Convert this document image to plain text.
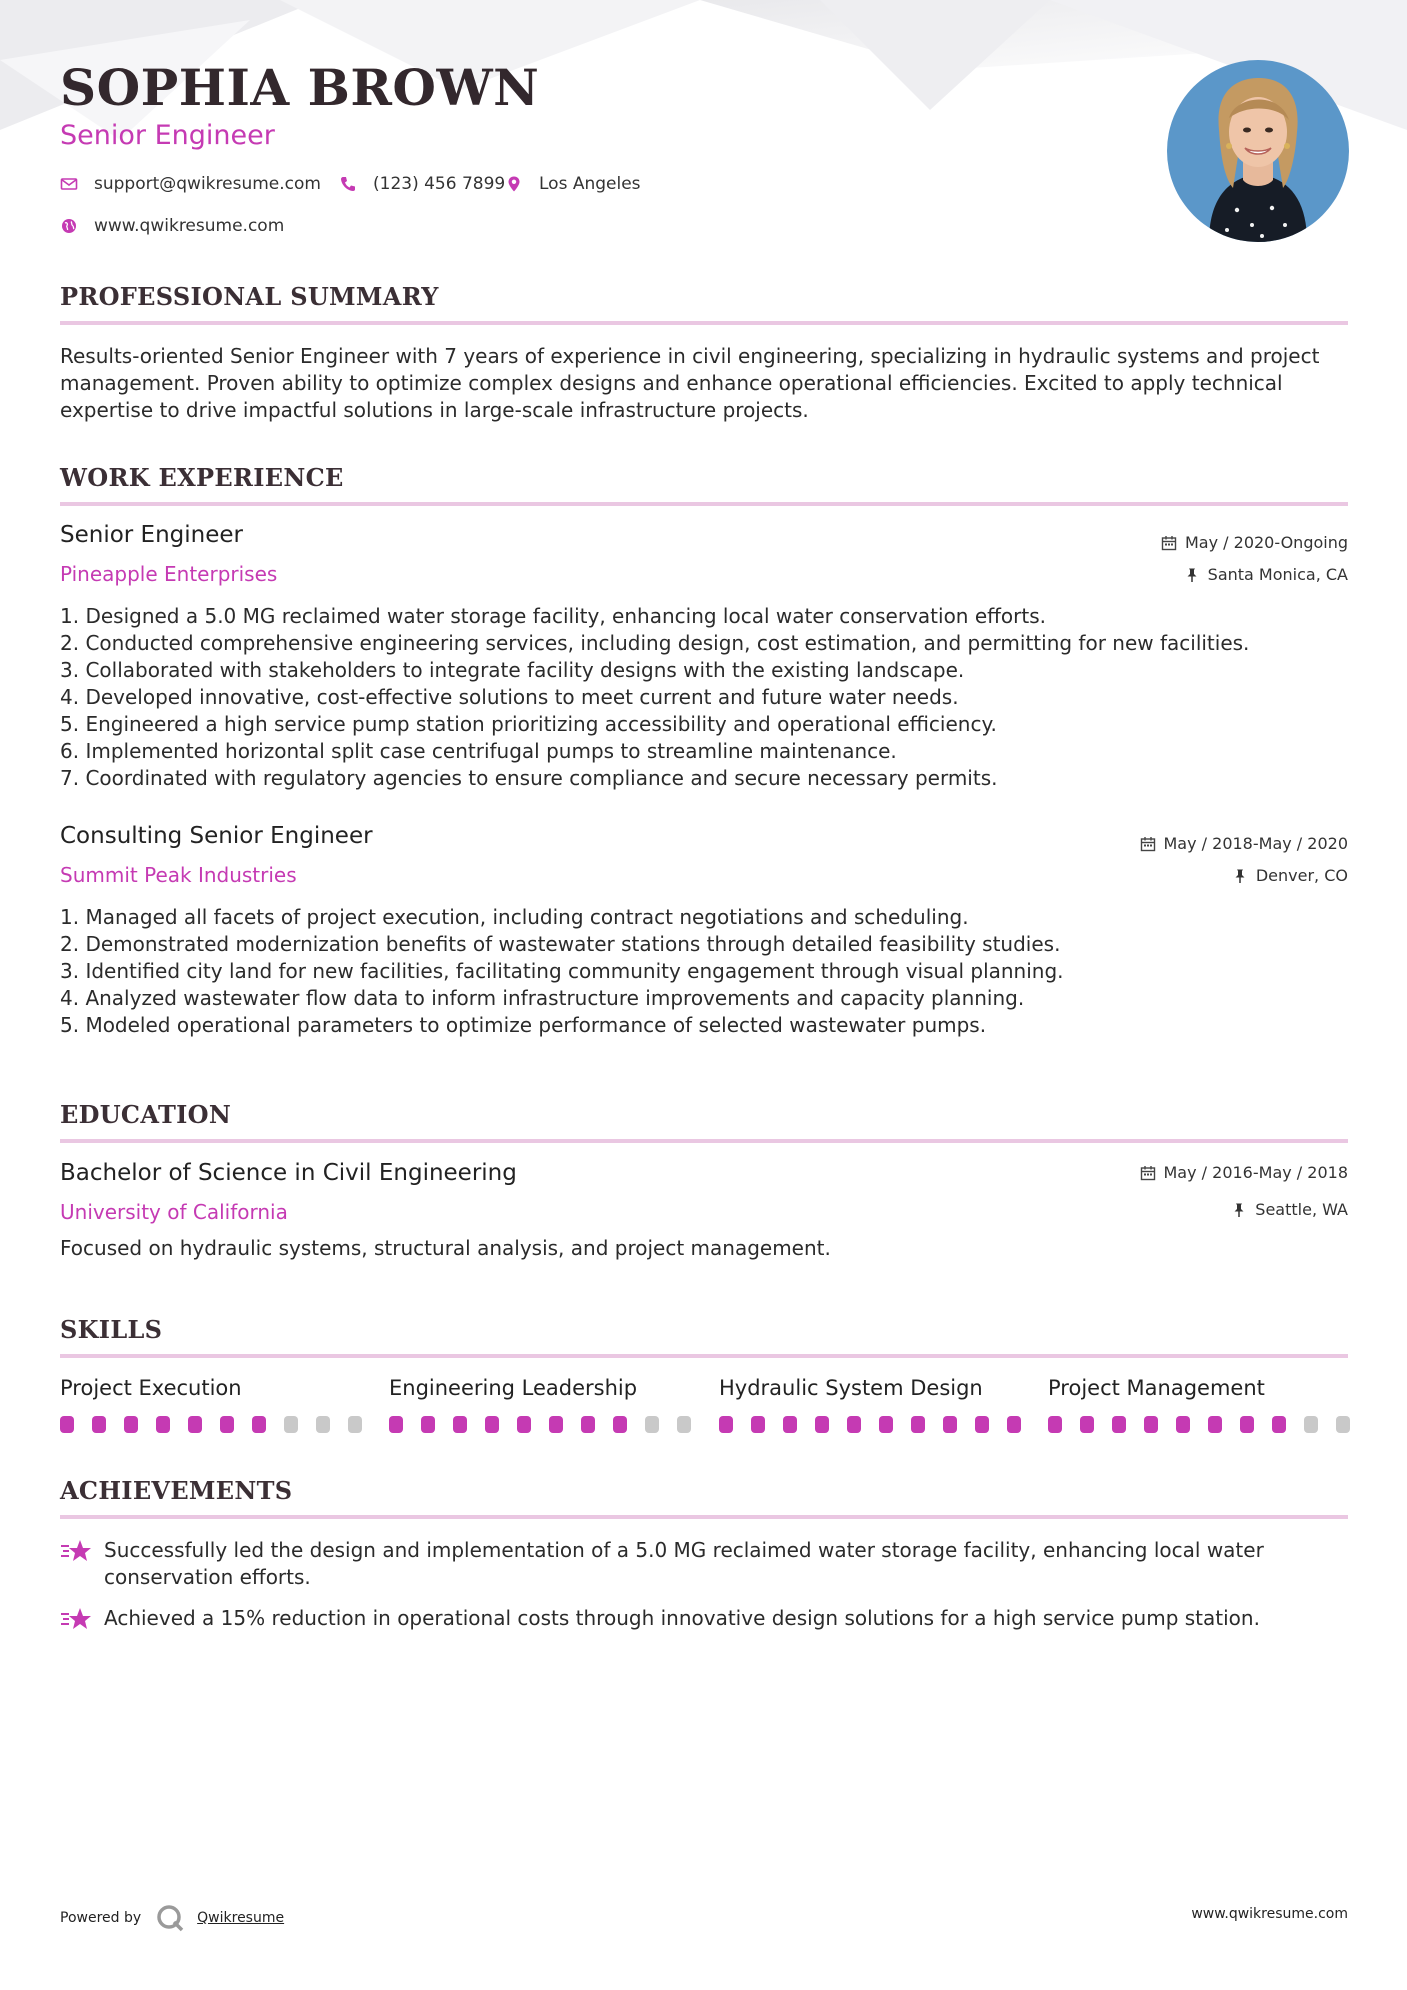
SOPHIA BROWN
Senior Engineer
support@qwikresume.com	(123) 456 7899 Los Angeles
www.qwikresume.com
PROFESSIONAL SUMMARY
Results-oriented Senior Engineer with 7 years of experience in civil engineering, specializing in hydraulic systems and project management. Proven ability to optimize complex designs and enhance operational efficiencies. Excited to apply technical expertise to drive impactful solutions in large-scale infrastructure projects.
WORK EXPERIENCE
Senior Engineer
Pineapple Enterprises
May / 2020-Ongoing
Santa Monica, CA
1. Designed a 5.0 MG reclaimed water storage facility, enhancing local water conservation efforts.
2. Conducted comprehensive engineering services, including design, cost estimation, and permitting for new facilities.
3. Collaborated with stakeholders to integrate facility designs with the existing landscape.
4. Developed innovative, cost-effective solutions to meet current and future water needs.
5. Engineered a high service pump station prioritizing accessibility and operational efficiency.
6. Implemented horizontal split case centrifugal pumps to streamline maintenance.
7. Coordinated with regulatory agencies to ensure compliance and secure necessary permits.
Consulting Senior Engineer
Summit Peak Industries
May / 2018-May / 2020
Denver, CO
1. Managed all facets of project execution, including contract negotiations and scheduling.
2. Demonstrated modernization benefits of wastewater stations through detailed feasibility studies.
3. Identified city land for new facilities, facilitating community engagement through visual planning.
4. Analyzed wastewater flow data to inform infrastructure improvements and capacity planning.
5. Modeled operational parameters to optimize performance of selected wastewater pumps.
EDUCATION
Bachelor of Science in Civil Engineering
University of California
May / 2016-May / 2018
Seattle, WA
Focused on hydraulic systems, structural analysis, and project management.
SKILLS
Project Execution	Engineering Leadership	Hydraulic System Design	Project Management
ACHIEVEMENTS
Successfully led the design and implementation of a 5.0 MG reclaimed water storage facility, enhancing local water conservation efforts.
Achieved a 15% reduction in operational costs through innovative design solutions for a high service pump station.
Powered by	Qwikresume	www.qwikresume.com
